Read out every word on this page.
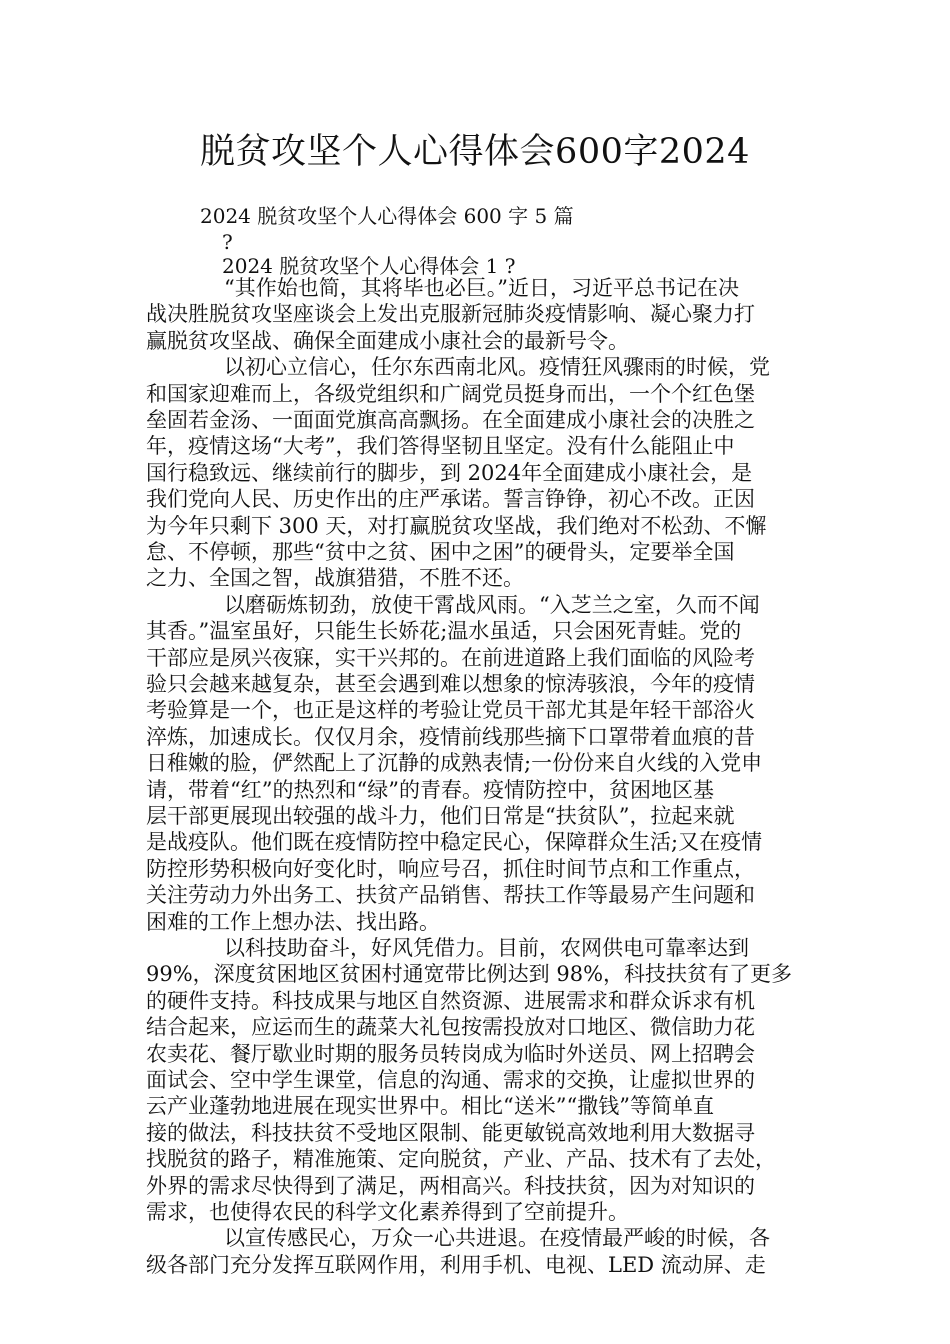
脱贫攻坚个人心得体会600字2024
2024 脱贫攻坚个人心得体会 600 字 5 篇
?
2024 脱贫攻坚个人心得体会 1 ?
“其作始也简，其将毕也必巨。”近日，习近平总书记在决
战决胜脱贫攻坚座谈会上发出克服新冠肺炎疫情影响、凝心聚力打
赢脱贫攻坚战、确保全面建成小康社会的最新号令。
以初心立信心，任尔东西南北风。疫情狂风骤雨的时候，党
和国家迎难而上，各级党组织和广阔党员挺身而出，一个个红色堡
垒固若金汤、一面面党旗高高飘扬。在全面建成小康社会的决胜之
年，疫情这场“大考”，我们答得坚韧且坚定。没有什么能阻止中
国行稳致远、继续前行的脚步，到 2024年全面建成小康社会，是
我们党向人民、历史作出的庄严承诺。誓言铮铮，初心不改。正因
为今年只剩下 300 天，对打赢脱贫攻坚战，我们绝对不松劲、不懈
怠、不停顿，那些“贫中之贫、困中之困”的硬骨头，定要举全国
之力、全国之智，战旗猎猎，不胜不还。
以磨砺炼韧劲，放使干霄战风雨。“入芝兰之室，久而不闻
其香。”温室虽好，只能生长娇花;温水虽适，只会困死青蛙。党的
干部应是夙兴夜寐，实干兴邦的。在前进道路上我们面临的风险考
验只会越来越复杂，甚至会遇到难以想象的惊涛骇浪，今年的疫情
考验算是一个，也正是这样的考验让党员干部尤其是年轻干部浴火
淬炼，加速成长。仅仅月余，疫情前线那些摘下口罩带着血痕的昔
日稚嫩的脸，俨然配上了沉静的成熟表情;一份份来自火线的入党申
请，带着“红”的热烈和“绿”的青春。疫情防控中，贫困地区基
层干部更展现出较强的战斗力，他们日常是“扶贫队”，拉起来就
是战疫队。他们既在疫情防控中稳定民心，保障群众生活;又在疫情
防控形势积极向好变化时，响应号召，抓住时间节点和工作重点，
关注劳动力外出务工、扶贫产品销售、帮扶工作等最易产生问题和
困难的工作上想办法、找出路。
以科技助奋斗，好风凭借力。目前，农网供电可靠率达到
99%，深度贫困地区贫困村通宽带比例达到 98%，科技扶贫有了更多
的硬件支持。科技成果与地区自然资源、进展需求和群众诉求有机
结合起来，应运而生的蔬菜大礼包按需投放对口地区、微信助力花
农卖花、餐厅歇业时期的服务员转岗成为临时外送员、网上招聘会
面试会、空中学生课堂，信息的沟通、需求的交换，让虚拟世界的
云产业蓬勃地进展在现实世界中。相比“送米”“撒钱”等简单直
接的做法，科技扶贫不受地区限制、能更敏锐高效地利用大数据寻
找脱贫的路子，精准施策、定向脱贫，产业、产品、技术有了去处，
外界的需求尽快得到了满足，两相高兴。科技扶贫，因为对知识的
需求，也使得农民的科学文化素养得到了空前提升。
以宣传感民心，万众一心共进退。在疫情最严峻的时候，各
级各部门充分发挥互联网作用，利用手机、电视、LED 流动屏、走
